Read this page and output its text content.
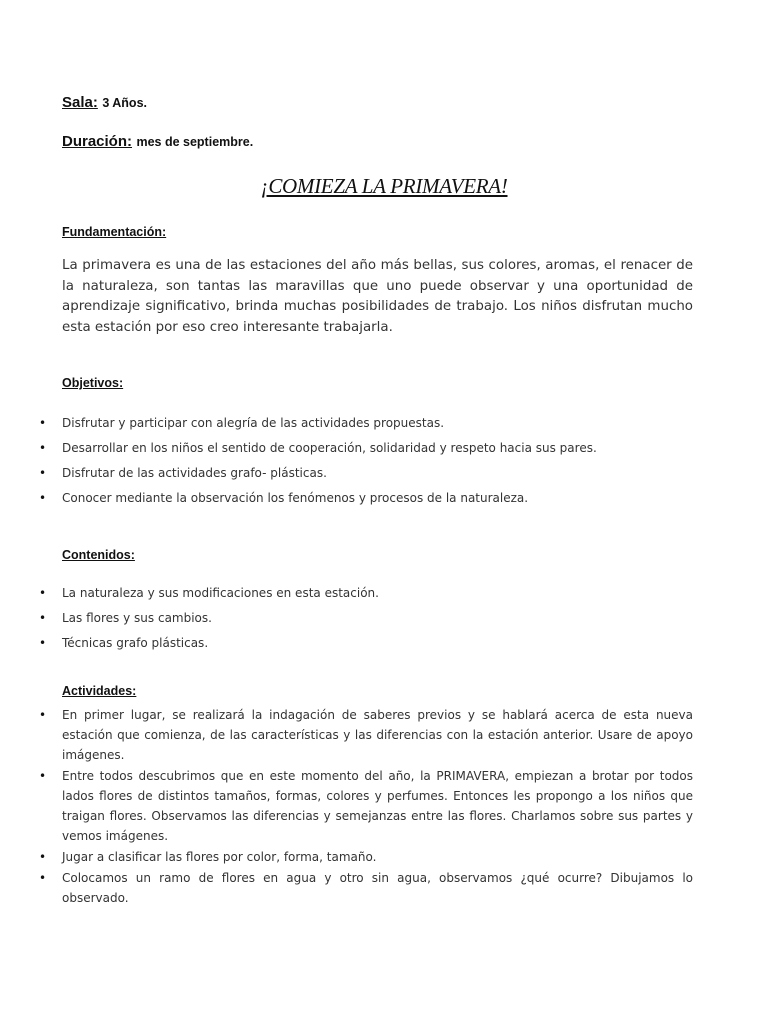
Sala: 3 Años.
Duración: mes de septiembre.
¡COMIEZA LA PRIMAVERA!
Fundamentación:

La primavera es una de las estaciones del año más bellas, sus colores, aromas, el renacer de la naturaleza, son tantas las maravillas que uno puede observar y una oportunidad de aprendizaje significativo, brinda muchas posibilidades de trabajo. Los niños disfrutan mucho esta estación por eso creo interesante trabajarla.

Objetivos:
• Disfrutar y participar con alegría de las actividades propuestas.
• Desarrollar en los niños el sentido de cooperación, solidaridad y respeto hacia sus pares.
• Disfrutar de las actividades grafo- plásticas.
• Conocer mediante la observación los fenómenos y procesos de la naturaleza.
Contenidos:
• La naturaleza y sus modificaciones en esta estación.
• Las flores y sus cambios.
• Técnicas grafo plásticas.
Actividades:
• En primer lugar, se realizará la indagación de saberes previos y se hablará acerca de esta nueva estación que comienza, de las características y las diferencias con la estación anterior. Usare de apoyo imágenes.
• Entre todos descubrimos que en este momento del año, la PRIMAVERA, empiezan a brotar por todos lados flores de distintos tamaños, formas, colores y perfumes. Entonces les propongo a los niños que traigan flores. Observamos las diferencias y semejanzas entre las flores. Charlamos sobre sus partes y vemos imágenes.
• Jugar a clasificar las flores por color, forma, tamaño.
• Colocamos un ramo de flores en agua y otro sin agua, observamos ¿qué ocurre? Dibujamos lo observado.
